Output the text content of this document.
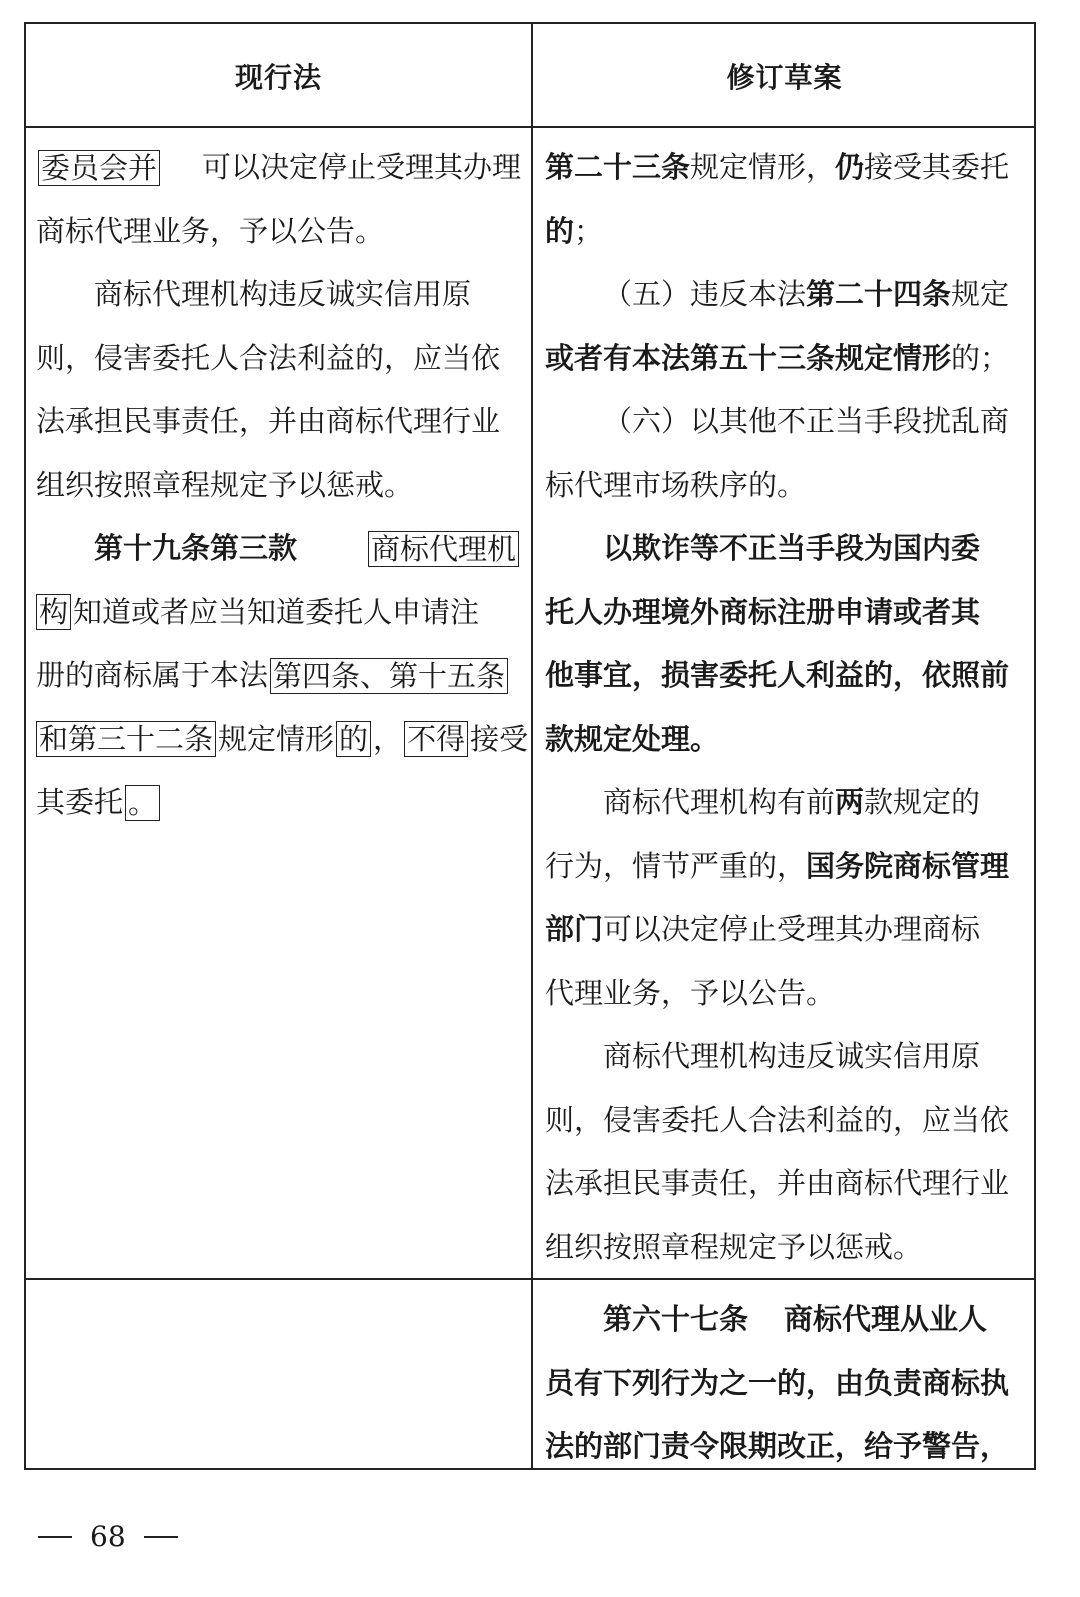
现行法	修订草案
委员会并 可以决定停止受理其办理
商标代理业务，予以公告。
商标代理机构违反诚实信用原
则，侵害委托人合法利益的，应当依
法承担民事责任，并由商标代理行业
组织按照章程规定予以惩戒。
第十九条第三款	商标代理机
构 知道或者应当知道委托人申请注
册的商标属于本法 第四条、第十五条
和第三十二条 规定情形 的 ， 不得 接受
其委托 。
第二十三条 规定情形， 仍 接受其委托
的 ；
（五）违反本法 第二十四条 规定
或者有本法第五十三条规定情形 的；
（六）以其他不正当手段扰乱商
标代理市场秩序的。
以欺诈等不正当手段为国内委
托人办理境外商标注册申请或者其
他事宜，损害委托人利益的，依照前
款规定处理。
商标代理机构有前 两 款规定的
行为，情节严重的， 国务院商标管理
部门 可以决定停止受理其办理商标
代理业务，予以公告。
商标代理机构违反诚实信用原
则，侵害委托人合法利益的，应当依
法承担民事责任，并由商标代理行业
组织按照章程规定予以惩戒。
第六十七条 商标代理从业人
员有下列行为之一的，由负责商标执
法的部门责令限期改正，给予警告，
68
